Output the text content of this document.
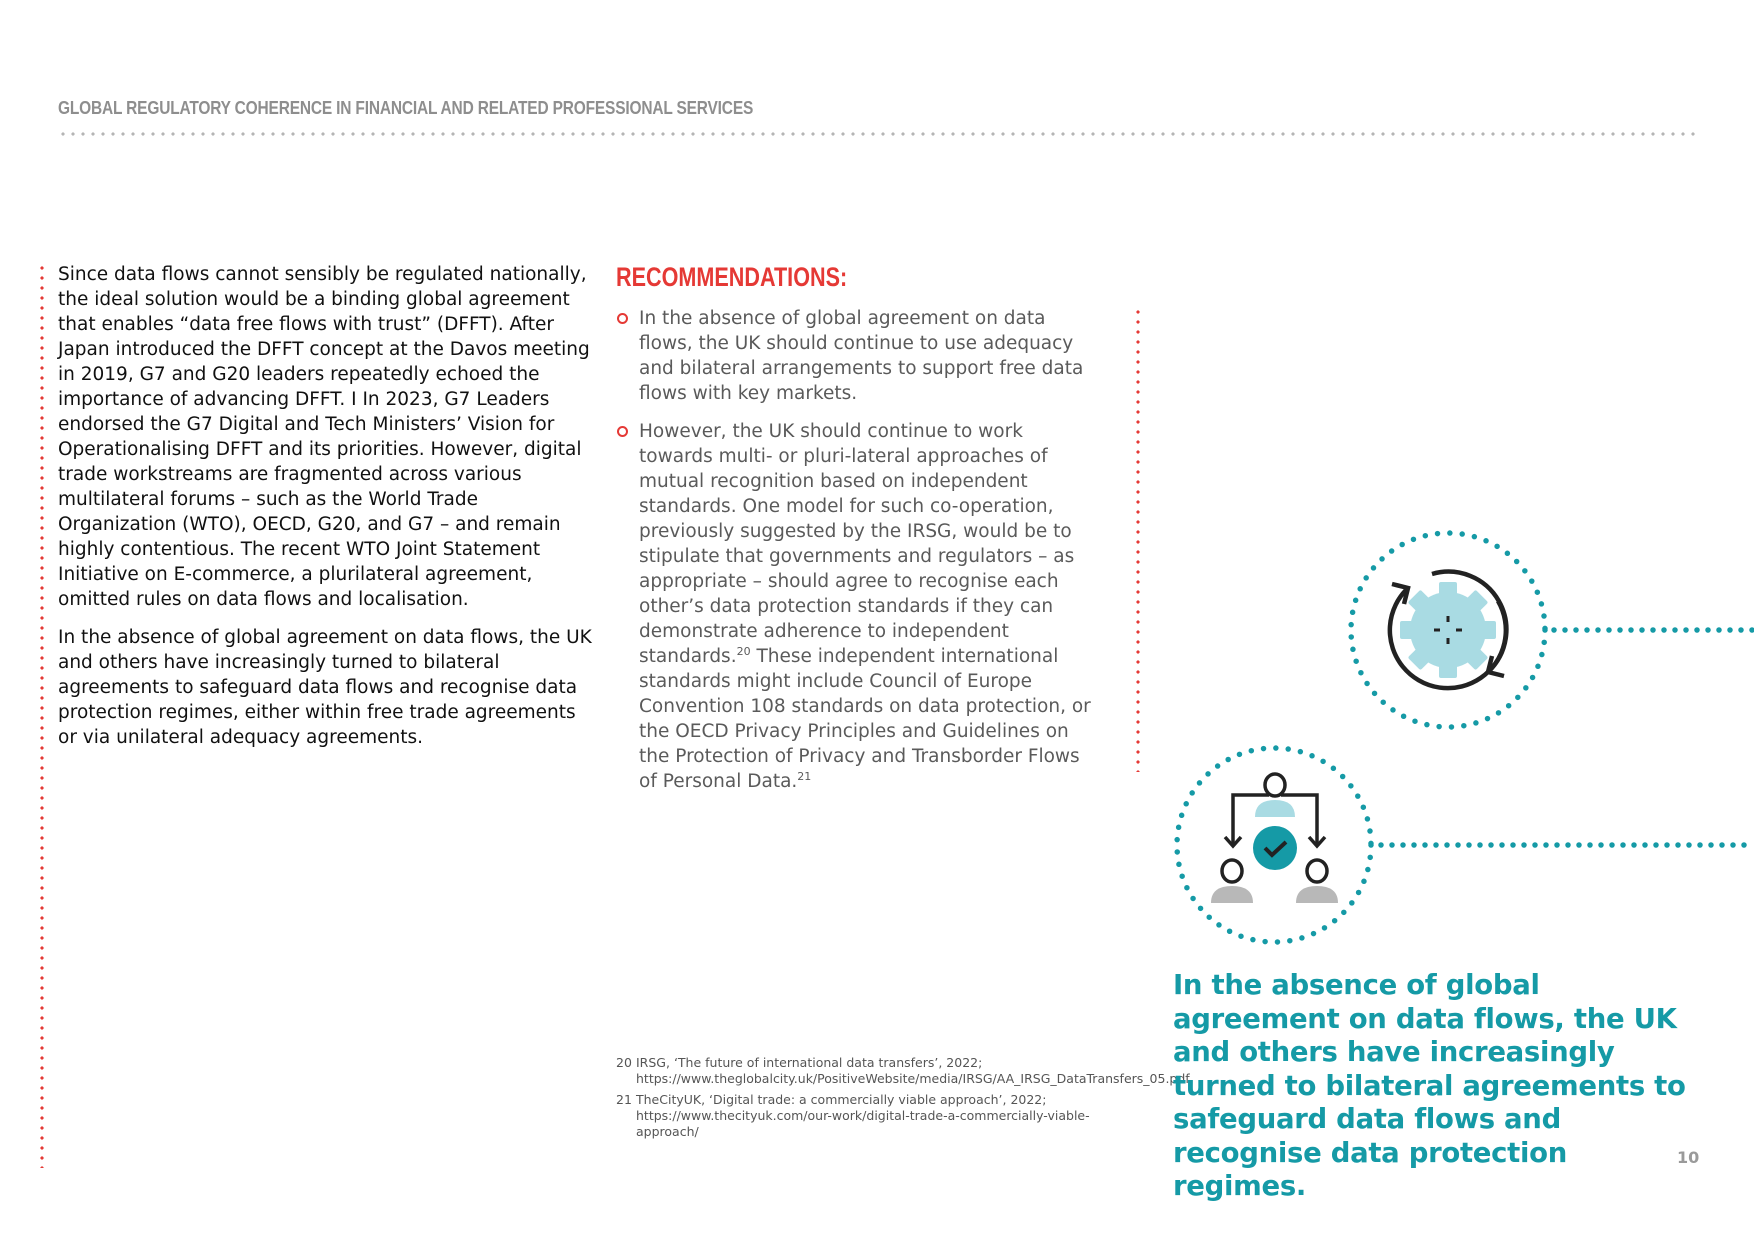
GLOBAL REGULATORY COHERENCE IN FINANCIAL AND RELATED PROFESSIONAL SERVICES

Since data flows cannot sensibly be regulated nationally, the ideal solution would be a binding global agreement that enables “data free flows with trust” (DFFT). After Japan introduced the DFFT concept at the Davos meeting in 2019, G7 and G20 leaders repeatedly echoed the importance of advancing DFFT. I In 2023, G7 Leaders endorsed the G7 Digital and Tech Ministers’ Vision for Operationalising DFFT and its priorities. However, digital trade workstreams are fragmented across various multilateral forums – such as the World Trade Organization (WTO), OECD, G20, and G7 – and remain highly contentious. The recent WTO Joint Statement Initiative on E-commerce, a plurilateral agreement, omitted rules on data flows and localisation.

In the absence of global agreement on data flows, the UK and others have increasingly turned to bilateral agreements to safeguard data flows and recognise data protection regimes, either within free trade agreements or via unilateral adequacy agreements.

RECOMMENDATIONS:
In the absence of global agreement on data flows, the UK should continue to use adequacy and bilateral arrangements to support free data flows with key markets.
However, the UK should continue to work towards multi- or pluri-lateral approaches of mutual recognition based on independent standards. One model for such co-operation, previously suggested by the IRSG, would be to stipulate that governments and regulators – as appropriate – should agree to recognise each other’s data protection standards if they can demonstrate adherence to independent standards.$^{20}$ These independent international standards might include Council of Europe Convention 108 standards on data protection, or the OECD Privacy Principles and Guidelines on the Protection of Privacy and Transborder Flows of Personal Data.$^{21}$
20 IRSG, ‘The future of international data transfers’, 2022; https://www.theglobalcity.uk/PositiveWebsite/media/IRSG/AA_IRSG_DataTransfers_05.pdf
21 TheCityUK, ‘Digital trade: a commercially viable approach’, 2022; https://www.thecityuk.com/our-work/digital-trade-a-commercially-viable-approach/
In the absence of global agreement on data flows, the UK and others have increasingly turned to bilateral agreements to safeguard data flows and recognise data protection regimes.
10
